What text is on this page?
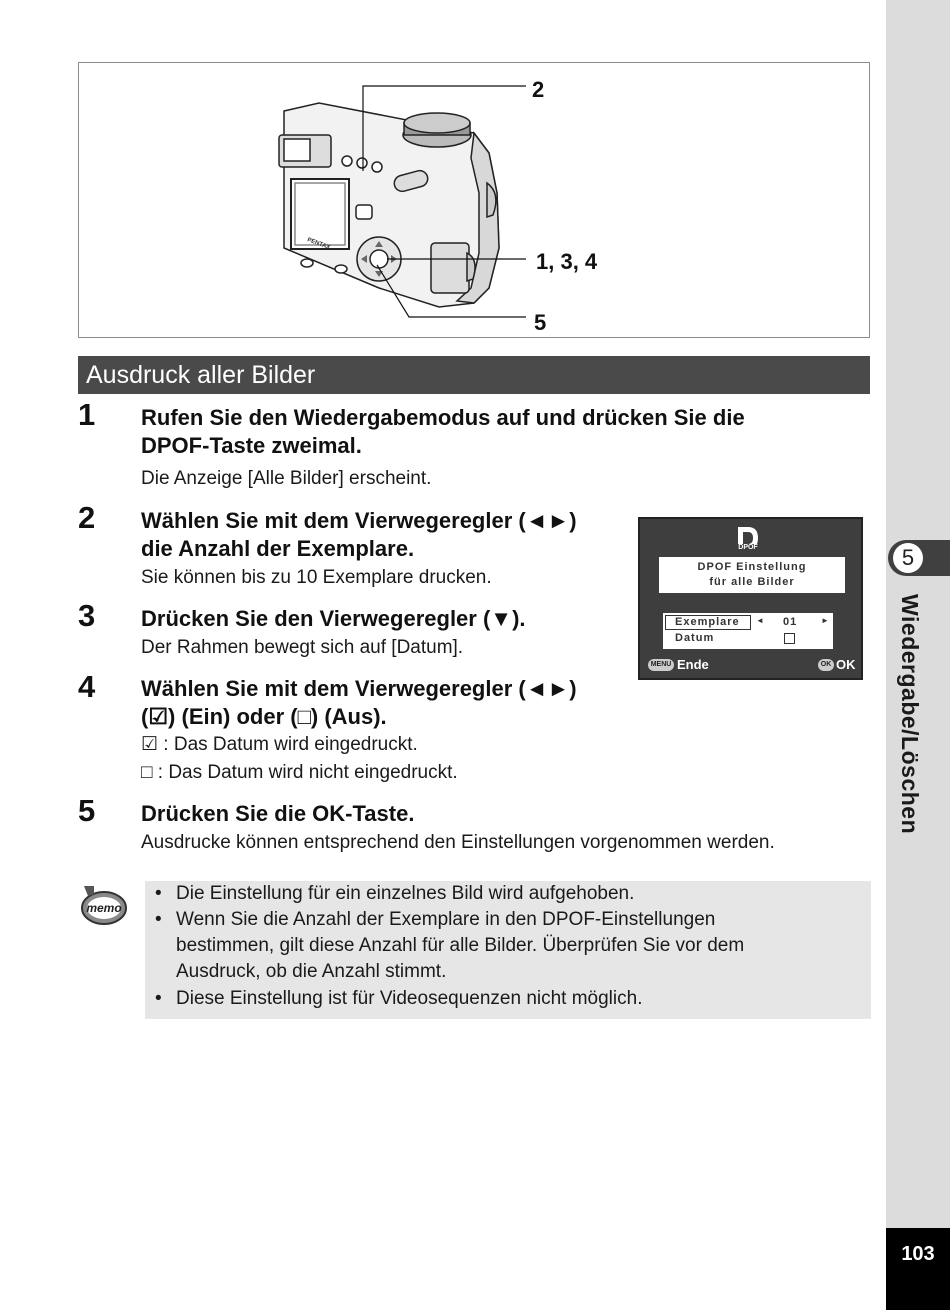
5
Wiedergabe/Löschen
103
PENTAX
2
1, 3, 4
5
Ausdruck aller Bilder
1 Rufen Sie den Wiedergabemodus auf und drücken Sie die
DPOF-Taste zweimal.
Die Anzeige [Alle Bilder] erscheint.
2 Wählen Sie mit dem Vierwegeregler (◄►)
die Anzahl der Exemplare.
Sie können bis zu 10 Exemplare drucken.
3 Drücken Sie den Vierwegeregler (▼).
Der Rahmen bewegt sich auf [Datum].
4 Wählen Sie mit dem Vierwegeregler (◄►)
(☑) (Ein) oder (□) (Aus).
☑ : Das Datum wird eingedruckt.
□ : Das Datum wird nicht eingedruckt.
5 Drücken Sie die OK-Taste.
Ausdrucke können entsprechend den Einstellungen vorgenommen werden.
DPOF
DPOF Einstellung
für alle Bilder
Exemplare ◄ 01	►
Datum
MENU Ende	OK OK
memo
• Die Einstellung für ein einzelnes Bild wird aufgehoben.
• Wenn Sie die Anzahl der Exemplare in den DPOF-Einstellungen
bestimmen, gilt diese Anzahl für alle Bilder. Überprüfen Sie vor dem
Ausdruck, ob die Anzahl stimmt.
• Diese Einstellung ist für Videosequenzen nicht möglich.
